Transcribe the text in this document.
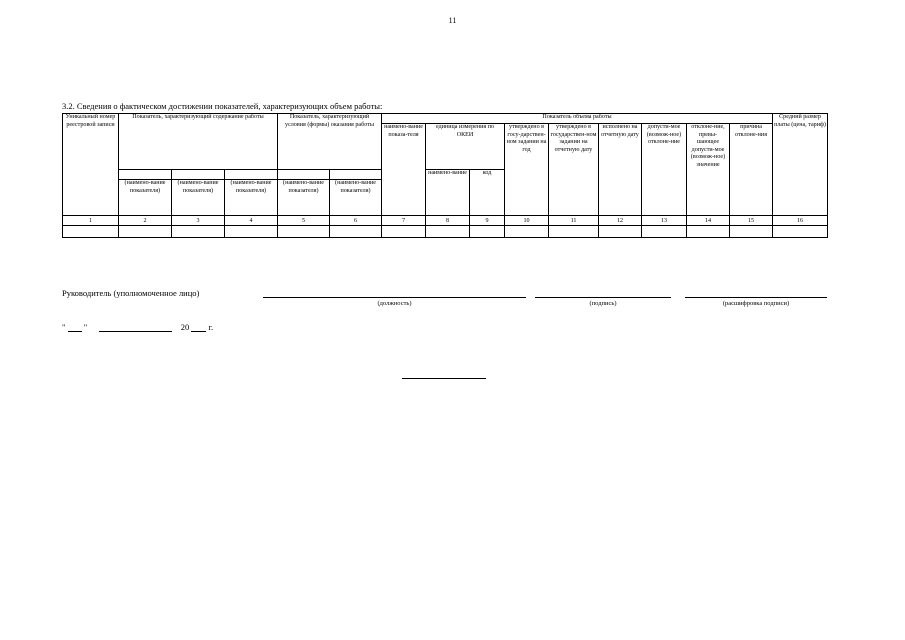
11
3.2. Сведения о фактическом достижении показателей, характеризующих объем работы:
Уникальный номер реестровой записи	Показатель, характеризующий содержание работы			Показатель, характеризующий условия (формы) оказания работы		Показатель объема работы									Средний размер платы (цена, тариф)
						наимено-вание показа-теля	единица измерения по ОКЕИ		утверждено в госу-дарствен-ном задании на год	утверждено в государствен-ном задании на отчетную дату	исполнено на отчетную дату	допусти-мое (возмож-ное) отклоне-ние	отклоне-ние, превы-шающее допусти-мое (возмож-ное) значение	причина отклоне-ния	
							наимено-вание	код							
	(наимено-вание показателя)	(наимено-вание показателя)	(наимено-вание показателя)	(наимено-вание показателя)	(наимено-вание показателя)										
1	2	3	4	5	6	7	8	9	10	11	12	13	14	15	16

Руководитель (уполномоченное лицо)
(должность)	(подпись)	(расшифровка подписи)
" "	20 г.
